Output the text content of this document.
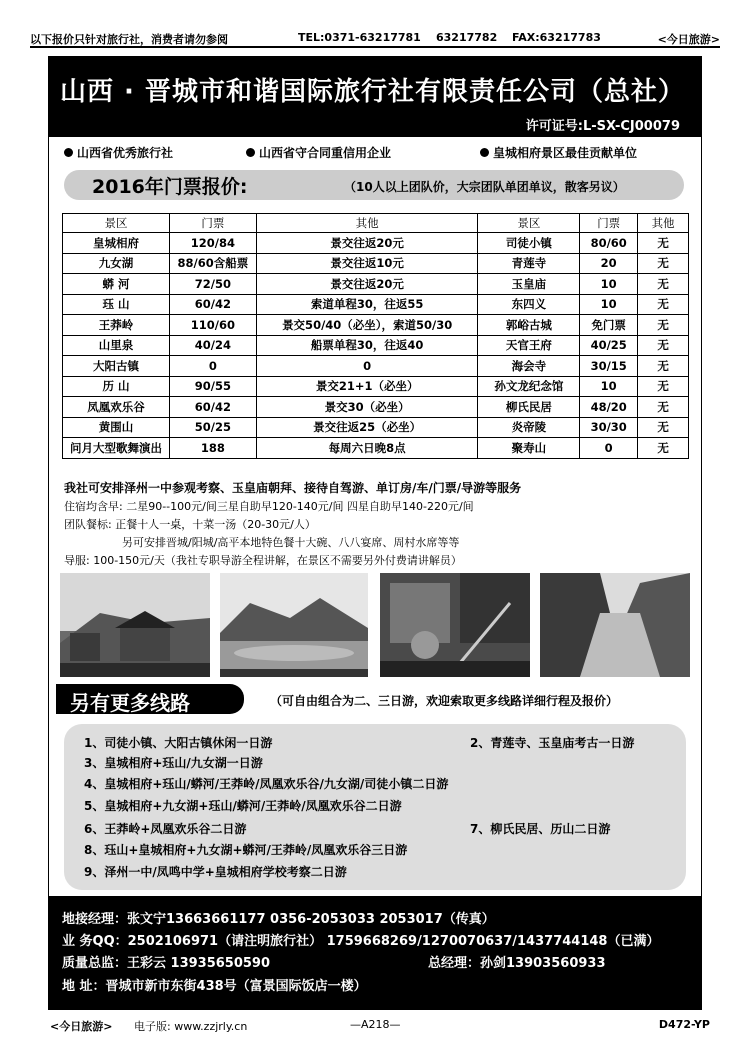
以下报价只针对旅行社，消费者请勿参阅	TEL:0371-63217781 63217782 FAX:63217783	<今日旅游>
山西 · 晋城市和谐国际旅行社有限责任公司（总社）
许可证号:L-SX-CJ00079
山西省优秀旅行社	山西省守合同重信用企业	皇城相府景区最佳贡献单位
2016年门票报价:	（10人以上团队价，大宗团队单团单议，散客另议）
景区	门票	其他	景区	门票	其他
皇城相府	120/84	景交往返20元	司徒小镇	80/60	无
九女湖	88/60含船票	景交往返10元	青莲寺	20	无
蟒 河	72/50	景交往返20元	玉皇庙	10	无
珏 山	60/42	索道单程30，往返55	东四义	10	无
王莽岭	110/60	景交50/40（必坐），索道50/30	郭峪古城	免门票	无
山里泉	40/24	船票单程30，往返40	天官王府	40/25	无
大阳古镇	0	0	海会寺	30/15	无
历 山	90/55	景交21+1（必坐）	孙文龙纪念馆	10	无
凤凰欢乐谷	60/42	景交30（必坐）	柳氏民居	48/20	无
黄围山	50/25	景交往返25（必坐）	炎帝陵	30/30	无
问月大型歌舞演出	188	每周六日晚8点	聚寿山	0	无
我社可安排泽州一中参观考察、玉皇庙朝拜、接待自驾游、单订房/车/门票/导游等服务
住宿均含早: 二星90--100元/间三星自助早120-140元/间 四星自助早140-220元/间
团队餐标: 正餐十人一桌，十菜一汤（20-30元/人）
另可安排晋城/阳城/高平本地特色餐十大碗、八八宴席、周村水席等等
导服: 100-150元/天（我社专职导游全程讲解，在景区不需要另外付费请讲解员）
另有更多线路	（可自由组合为二、三日游，欢迎索取更多线路详细行程及报价）
1、司徒小镇、大阳古镇休闲一日游	2、青莲寺、玉皇庙考古一日游
3、皇城相府+珏山/九女湖一日游
4、皇城相府+珏山/蟒河/王莽岭/凤凰欢乐谷/九女湖/司徒小镇二日游
5、皇城相府+九女湖+珏山/蟒河/王莽岭/凤凰欢乐谷二日游
6、王莽岭+凤凰欢乐谷二日游	7、柳氏民居、历山二日游
8、珏山+皇城相府+九女湖+蟒河/王莽岭/凤凰欢乐谷三日游
9、泽州一中/凤鸣中学+皇城相府学校考察二日游
地接经理：张文宁13663661177 0356-2053033 2053017（传真）
业 务QQ：2502106971（请注明旅行社） 1759668269/1270070637/1437744148（已满）
质量总监：王彩云 13935650590	总经理：孙剑13903560933
地 址：晋城市新市东街438号（富景国际饭店一楼）
<今日旅游> 电子版: www.zzjrly.cn	—A218—	D472-YP
